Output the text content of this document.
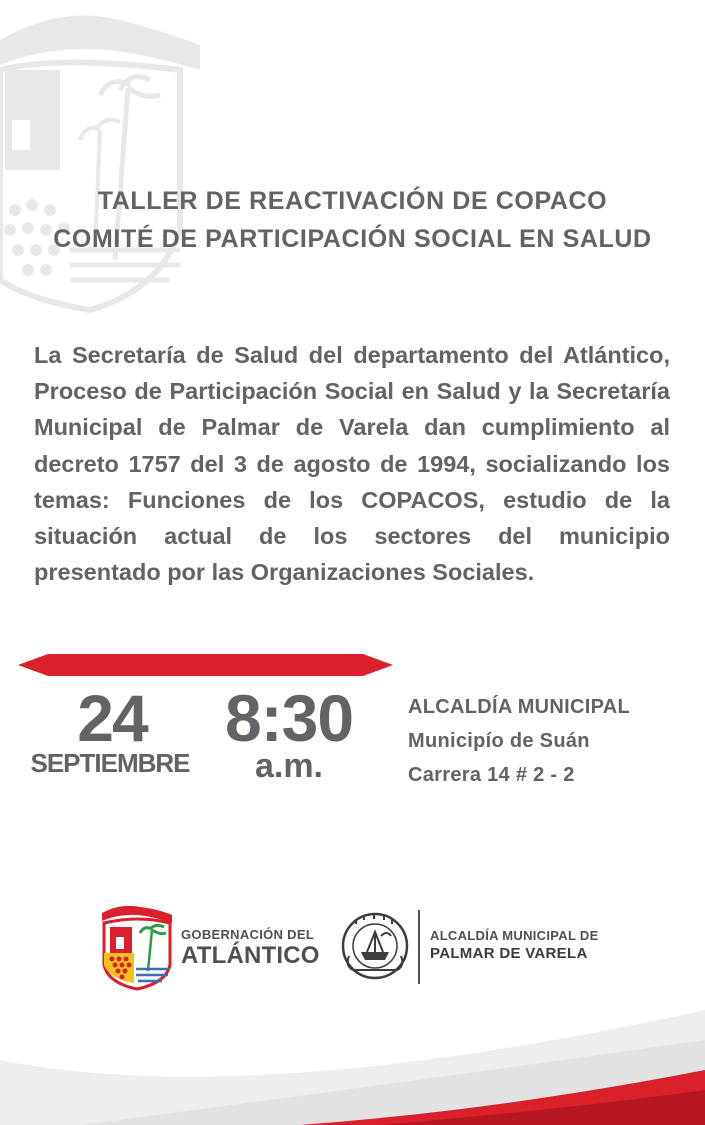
TALLER DE REACTIVACIÓN DE COPACO
COMITÉ DE PARTICIPACIÓN SOCIAL EN SALUD
La Secretaría de Salud del departamento del Atlántico, Proceso de Participación Social en Salud y la Secretaría Municipal de Palmar de Varela dan cumplimiento al decreto 1757 del 3 de agosto de 1994, socializando los temas: Funciones de los COPACOS, estudio de la situación actual de los sectores del municipio presentado por las Organizaciones Sociales.
24
SEPTIEMBRE
8:30
a.m.
ALCALDÍA MUNICIPAL
Municipío de Suán
Carrera 14 # 2 - 2
GOBERNACIÓN DEL
ATLÁNTICO
ALCALDÍA MUNICIPAL DE
PALMAR DE VARELA
